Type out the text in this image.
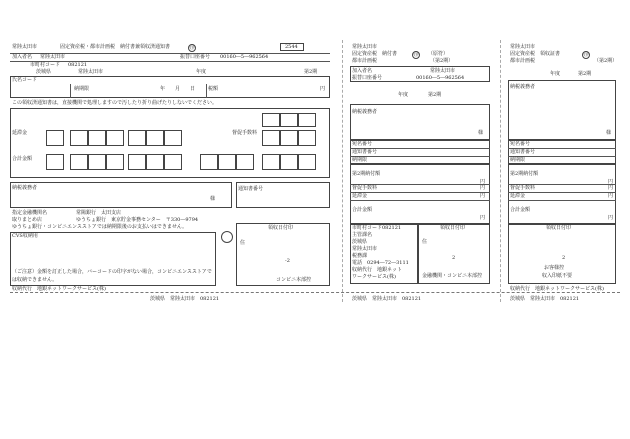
常陸太田市	固定資産税・都市計画税　納付書兼領収済通知書	㊞	2544
加入者名 常陸太田市	振替口座番号 00160―5―962564
市町村コード 082121
茨城県	常陸太田市	年度	第2期
氏名コード
納期限	年　　月　　日	税額	円
この領収済通知書は，直接機関で処理しますので汚したり折り曲げたりしないでください。
延滞金	督促手数料
合計金額
納税義務者
様
通知書番号
指定金融機関名	常陽銀行　太田支店
取りまとめ店	ゆうちょ銀行　東京貯金事務センター　〒330―9794
ゆうちょ銀行・コンビニエンスストアでは納期限後のお支払いはできません。
CVS収納用
（ご注意）金額を訂正した場合，バーコードの印字がない場合，コンビニエンスストアでは収納できません。
領収日付印
住
-2
コンビニ本部控
収納代行　地銀ネットワークサービス(株)
茨城県　常陸太田市　082121
常陸太田市
固定資産税　納付書	㊞	（原符）
都市計画税	（第2期）
加入者名	常陸太田市
振替口座番号	00160―5―962564
年度	第2期
納税義務者
様
宛名番号
通知書番号
納期限
第2期納付額
円
督促手数料	円
延滞金	円
合計金額
円
市町村コード082121
主管課名
茨城県
常陸太田市
税務課
電話　0294―72―3111
収納代行　地銀ネット
ワークサービス(株)
領収日付印
住
2
金融機関・コンビニ本部控
茨城県　常陸太田市　082121
常陸太田市
固定資産税　領収証書	㊞
都市計画税	（第2期）
年度	第2期
納税義務者
様
宛名番号
通知書番号
納期限
第2期納付額
円
督促手数料	円
延滞金	円
合計金額
円
領収日付印
2
お客様控
収入印紙不要
収納代行　地銀ネットワークサービス(株)
茨城県　常陸太田市　082121
